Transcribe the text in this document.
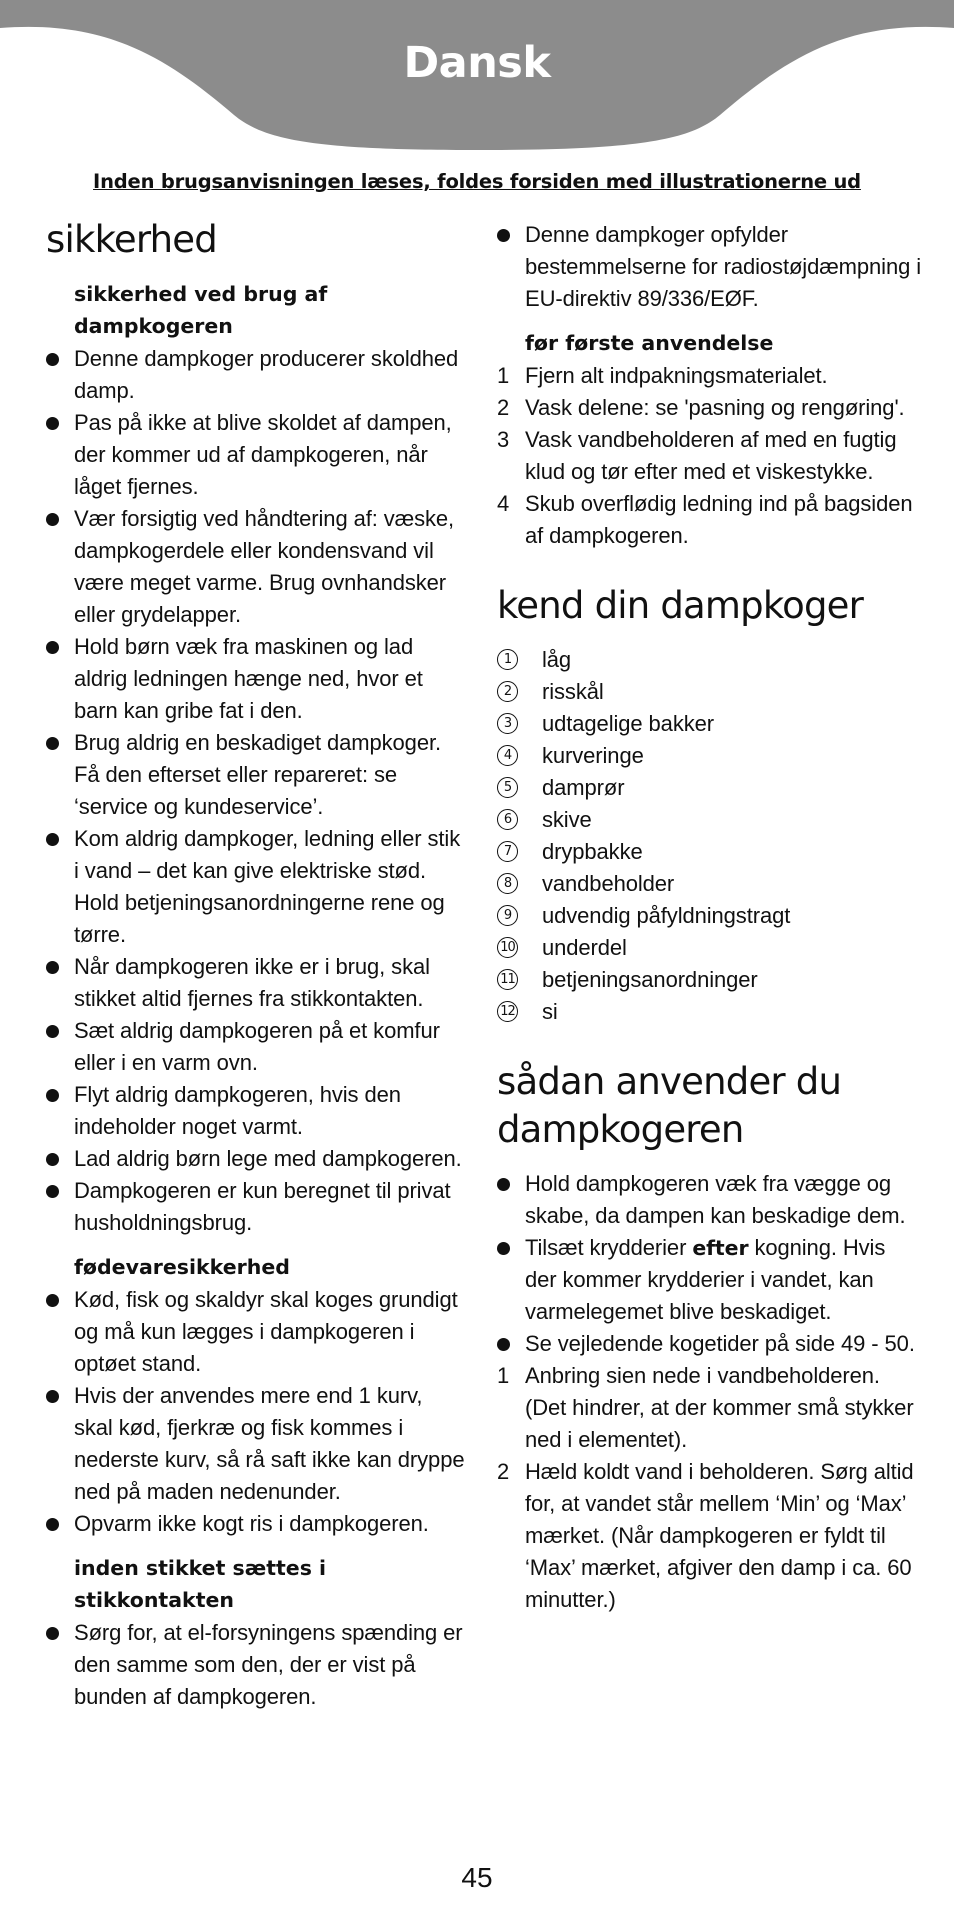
Dansk
Inden brugsanvisningen læses, foldes forsiden med illustrationerne ud
sikkerhed
sikkerhed ved brug af dampkogeren
Denne dampkoger producerer skoldhed damp.
Pas på ikke at blive skoldet af dampen, der kommer ud af dampkogeren, når låget fjernes.
Vær forsigtig ved håndtering af: væske, dampkogerdele eller kondensvand vil være meget varme. Brug ovnhandsker eller grydelapper.
Hold børn væk fra maskinen og lad aldrig ledningen hænge ned, hvor et barn kan gribe fat i den.
Brug aldrig en beskadiget dampkoger. Få den efterset eller repareret: se ‘service og kundeservice’.
Kom aldrig dampkoger, ledning eller stik i vand – det kan give elektriske stød. Hold betjeningsanordningerne rene og tørre.
Når dampkogeren ikke er i brug, skal stikket altid fjernes fra stikkontakten.
Sæt aldrig dampkogeren på et komfur eller i en varm ovn.
Flyt aldrig dampkogeren, hvis den indeholder noget varmt.
Lad aldrig børn lege med dampkogeren.
Dampkogeren er kun beregnet til privat husholdningsbrug.
fødevaresikkerhed
Kød, fisk og skaldyr skal koges grundigt og må kun lægges i dampkogeren i optøet stand.
Hvis der anvendes mere end 1 kurv, skal kød, fjerkræ og fisk kommes i nederste kurv, så rå saft ikke kan dryppe ned på maden nedenunder.
Opvarm ikke kogt ris i dampkogeren.
inden stikket sættes i stikkontakten
Sørg for, at el-forsyningens spænding er den samme som den, der er vist på bunden af dampkogeren.
Denne dampkoger opfylder bestemmelserne for radiostøjdæmpning i EU-direktiv 89/336/EØF.
før første anvendelse
1 Fjern alt indpakningsmaterialet.
2 Vask delene: se 'pasning og rengøring'.
3 Vask vandbeholderen af med en fugtig klud og tør efter med et viskestykke.
4 Skub overflødig ledning ind på bagsiden af dampkogeren.
kend din dampkoger
1	låg
2	risskål
3	udtagelige bakker
4	kurveringe
5	damprør
6	skive
7	drypbakke
8	vandbeholder
9	udvendig påfyldningstragt
10 underdel
11 betjeningsanordninger
12 si
sådan anvender du dampkogeren
Hold dampkogeren væk fra vægge og skabe, da dampen kan beskadige dem.
Tilsæt krydderier efter kogning. Hvis der kommer krydderier i vandet, kan varmelegemet blive beskadiget.
Se vejledende kogetider på side 49 - 50.
1 Anbring sien nede i vandbeholderen. (Det hindrer, at der kommer små stykker ned i elementet).
2 Hæld koldt vand i beholderen. Sørg altid for, at vandet står mellem ‘Min’ og ‘Max’ mærket. (Når dampkogeren er fyldt til ‘Max’ mærket, afgiver den damp i ca. 60 minutter.)
45
